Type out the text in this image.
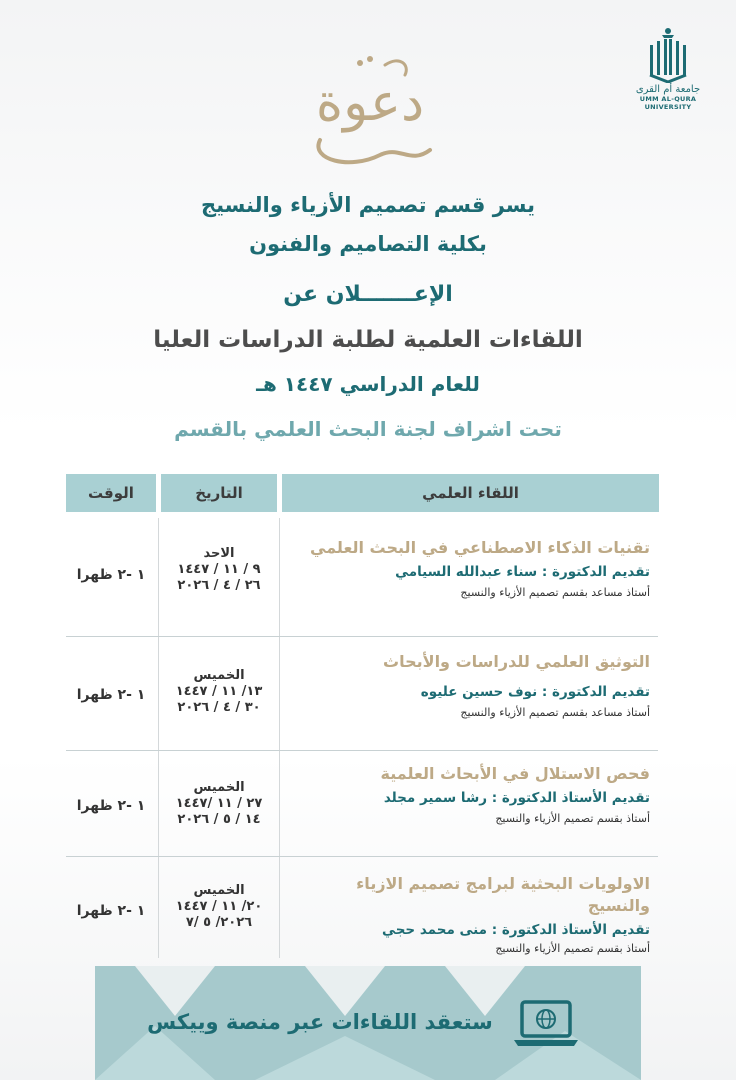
جامعة أم القرى
UMM AL-QURA UNIVERSITY
دعوة
يسر قسم تصميم الأزياء والنسيج
بكلية التصاميم والفنون
الإعـــــــلان عن
اللقاءات العلمية لطلبة الدراسات العليا
للعام الدراسي ١٤٤٧ هـ
تحت اشراف لجنة البحث العلمي بالقسم
اللقاء العلمي
التاريخ
الوقت
تقنيات الذكاء الاصطناعي في البحث العلمي
تقديم الدكتورة : سناء عبدالله السيامي
أستاذ مساعد بقسم تصميم الأزياء والنسيج
الاحد
٩ / ١١ / ١٤٤٧
٢٦ / ٤ / ٢٠٢٦
١ -٢ ظهرا
التوثيق العلمي للدراسات والأبحاث
تقديم الدكتورة : نوف حسين عليوه
أستاذ مساعد بقسم تصميم الأزياء والنسيج
الخميس
١٣/ ١١ / ١٤٤٧
٣٠ / ٤ / ٢٠٢٦
١ -٢ ظهرا
فحص الاستلال في الأبحاث العلمية
تقديم الأستاذ الدكتورة : رشا سمير مجلد
أستاذ بقسم تصميم الأزياء والنسيج
الخميس
٢٧ / ١١ /١٤٤٧
١٤ / ٥ / ٢٠٢٦
١ -٢ ظهرا
الاولويات البحثية لبرامج تصميم الازياء والنسيج
تقديم الأستاذ الدكتورة : منى محمد حجي
أستاذ بقسم تصميم الأزياء والنسيج
الخميس
٢٠/ ١١ / ١٤٤٧
٢٠٢٦/ ٥ /٧
١ -٢ ظهرا
ستعقد اللقاءات عبر منصة وييكس
